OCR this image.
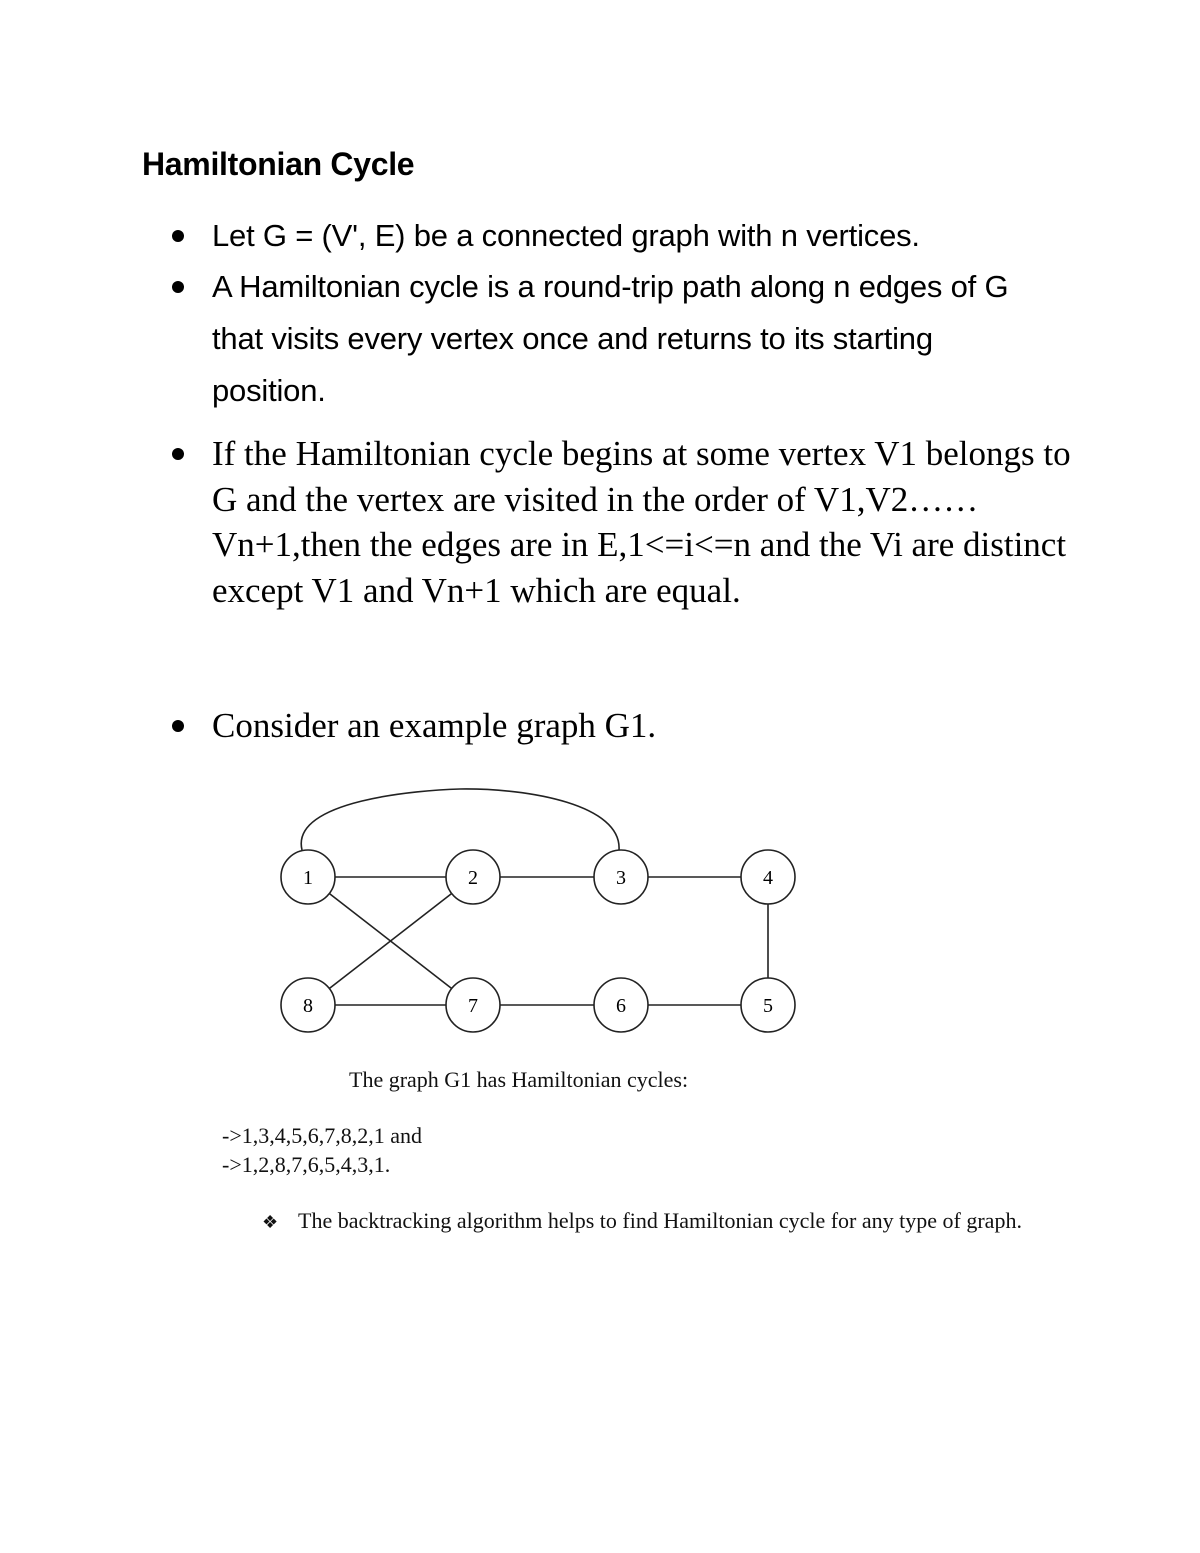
Hamiltonian Cycle
Let G = (V', E) be a connected graph with n vertices.
A Hamiltonian cycle is a round-trip path along n edges of G that visits every vertex once and returns to its starting position.
If the Hamiltonian cycle begins at some vertex V1 belongs to G and the vertex are visited in the order of V1,V2……Vn+1,then the edges are in E,1<=i<=n and the Vi are distinct except V1 and Vn+1 which are equal.
Consider an example graph G1.
1	2	3	4
5
6
7
8

The graph G1 has Hamiltonian cycles:

->1,3,4,5,6,7,8,2,1 and

->1,2,8,7,6,5,4,3,1.

❖ The backtracking algorithm helps to find Hamiltonian cycle for any type of graph.
